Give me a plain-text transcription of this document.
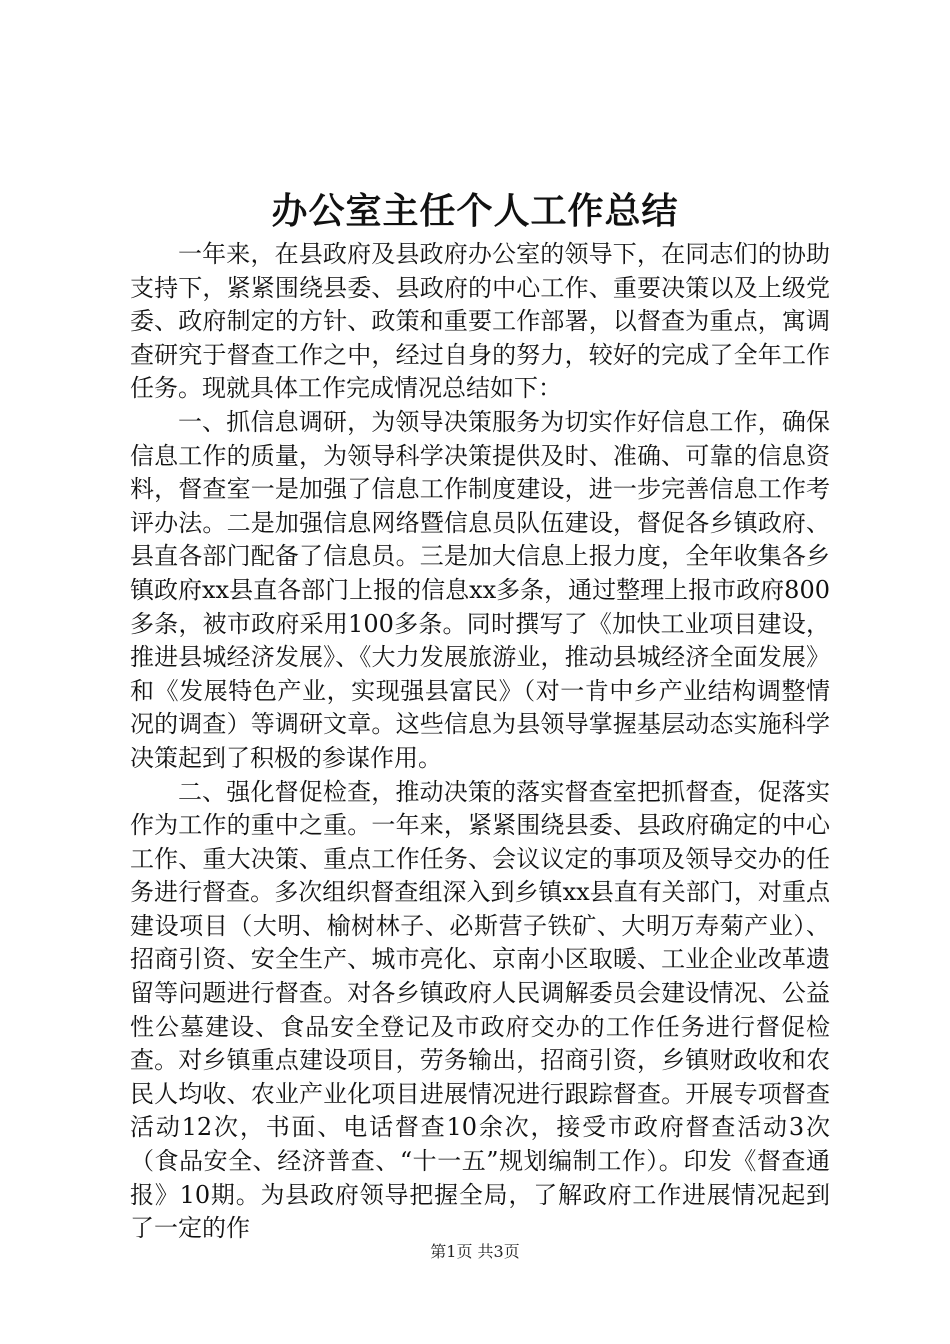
办公室主任个人工作总结

一年来，在县政府及县政府办公室的领导下，在同志们的协助支持下，紧紧围绕县委、县政府的中心工作、重要决策以及上级党委、政府制定的方针、政策和重要工作部署，以督查为重点，寓调查研究于督查工作之中，经过自身的努力，较好的完成了全年工作任务。现就具体工作完成情况总结如下：

一、抓信息调研，为领导决策服务为切实作好信息工作，确保信息工作的质量，为领导科学决策提供及时、准确、可靠的信息资料，督查室一是加强了信息工作制度建设，进一步完善信息工作考评办法。二是加强信息网络暨信息员队伍建设，督促各乡镇政府、县直各部门配备了信息员。三是加大信息上报力度，全年收集各乡镇政府xx县直各部门上报的信息xx多条，通过整理上报市政府800多条，被市政府采用100多条。同时撰写了《加快工业项目建设，推进县城经济发展》、《大力发展旅游业，推动县城经济全面发展》和《发展特色产业，实现强县富民》（对一肯中乡产业结构调整情况的调查）等调研文章。这些信息为县领导掌握基层动态实施科学决策起到了积极的参谋作用。

二、强化督促检查，推动决策的落实督查室把抓督查，促落实作为工作的重中之重。一年来，紧紧围绕县委、县政府确定的中心工作、重大决策、重点工作任务、会议议定的事项及领导交办的任务进行督查。多次组织督查组深入到乡镇xx县直有关部门，对重点建设项目（大明、榆树林子、必斯营子铁矿、大明万寿菊产业）、招商引资、安全生产、城市亮化、京南小区取暖、工业企业改革遗留等问题进行督查。对各乡镇政府人民调解委员会建设情况、公益性公墓建设、食品安全登记及市政府交办的工作任务进行督促检查。对乡镇重点建设项目，劳务输出，招商引资，乡镇财政收和农民人均收、农业产业化项目进展情况进行跟踪督查。开展专项督查活动12次，书面、电话督查10余次，接受市政府督查活动3次（食品安全、经济普查、“十一五”规划编制工作）。印发《督查通报》10期。为县政府领导把握全局，了解政府工作进展情况起到了一定的作

第1页 共3页
